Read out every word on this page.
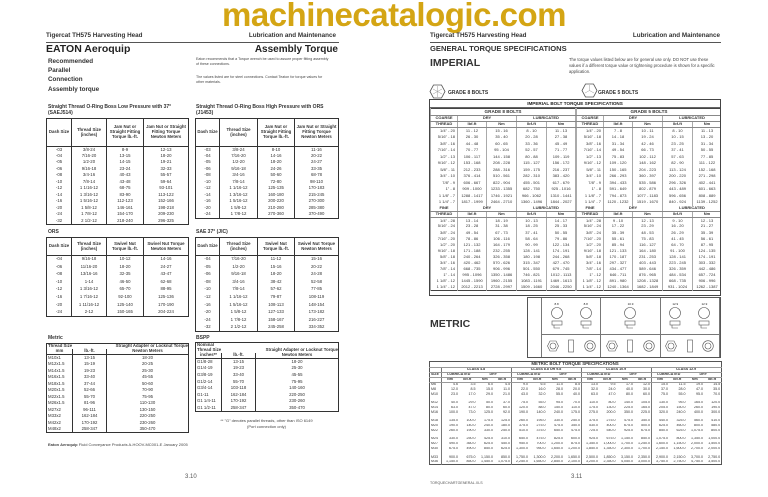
Tigercat TH575 Harvesting Head	Lubrication and Maintenance
EATON Aeroquip	Assembly Torque
Recommended
Parallel
Connection
Assembly torque
Eaton recommends that a Torque wrench be used to assure proper fitting assembly of these connections.
The values listed are for steel connections. Contact Teaton for torque values for other materials.
Straight Thread O-Ring Boss Low Pressure with 37° (SAEJ514)
Dash Size	Thread Size (inches)	Jam Nut or Straight Fitting Torque lb.-ft.	Jam Nut or Straight Fitting Torque Newton Meters
-03	3/8-24	8-9	12-13
-04	7/16-20	13-15	18-20
-05	1/2-20	14-15	19-21
-06	9/16-18	23-24	32-33
-08	3/4-16	40-43	55-57
-10	7/8-14	43-48	59-64
-12	1 1/16-12	68-75	93-101
-14	1 3/16-12	83-90	113-122
-16	1 5/16-12	112-123	152-166
-20	1 5/8-12	146-161	198-218
-24	1 7/8-12	154-170	209-230
-32	2 1/2-12	218-240	296-325
Straight Thread O-Ring Boss High Pressure with ORS (J1453)
Dash Size	Thread Size (inches)	Jam Nut or Straight Fitting Torque lb.-ft.	Jam Nut or Straight Fitting Torque Newton Meters
-03	3/8-24	8-10	11-16
-04	7/16-20	14-16	20-22
-05	1/2-20	18-20	24-27
-06	9/16-18	24-26	33-35
-08	3/4-16	50-60	68-78
-10	7/8-14	72-80	98-110
-12	1 1/16-12	125-135	170-183
-14	1 3/16-12	160-180	215-245
-16	1 5/16-12	200-220	270-300
-20	1 5/8-12	210-280	285-380
-24	1 7/8-12	270-360	370-490
ORS
Dash Size	Thread Size (inches)	Swivel Nut Torque lb.-ft.	Swivel Nut Torque Newton Meters
-04	9/16-18	10-12	14-16
-06	11/16-20	18-20	24-27
-08	13/16-16	32-35	43-47
-10	1-14	46-50	62-68
-12	1 3/16-12	65-70	88-95
-16	1 7/16-12	92-100	125-136
-20	1 11/16-12	125-140	170-190
-24	2-12	150-165	204-224
SAE 37° (JIC)
Dash Size	Thread Size (inches)	Swivel Nut Torque lb.-ft.	Swivel Nut Torque Newton Meters
-04	7/16-20	11-12	15-16
-05	1/2-20	15-16	20-22
-06	9/16-18	18-20	24-28
-08	3/4-16	38-42	52-58
-10	7/8-14	57-62	77-85
-12	1 1/16-12	79-87	108-119
-16	1 5/16-12	108-113	148-154
-20	1 5/8-12	127-133	173-182
-24	1 7/8-12	158-167	216-227
-32	2 1/2-12	245-258	334-352
Metric
Thread Size	Straight Adapter or Locknut Torque	
mm	lb.-ft.	Newton Meters
M10x1	13-15	18-20
M12x1.5	15-19	20-25
M14x1.5	19-23	25-30
M16x1.5	33-40	45-55
M18x1.5	37-44	50-60
M20x1.5	52-66	70-90
M22x1.5	55-70	75-95
M26x1.5	81-96	110-130
M27x2	96-111	130-150
M33x2	162-184	220-250
M42x2	170-192	230-260
M48x2	258-347	350-470
BSPP
Nominal		
Thread Size	Straight Adapter or Locknut Torque	
inches**	lb.-ft.	Newton Meters
G1/8-28	13-15	18-20
G1/4-19	19-23	25-30
G3/8-19	33-40	45-55
G1/2-14	55-70	75-95
G3/4-14	103-118	140-160
G1-11	162-184	220-250
G1 1/4-11	170-192	230-260
G1 1/2-11	258-347	350-470
** "G" denotes parallel threads, other than ISO 6149
(Port connection only)
Eaton Aeroquip Fluid Conveyance Products A-HOOV-MC001-E January 2005
3.10
Tigercat TH575 Harvesting Head	Lubrication and Maintenance
GENERAL TORQUE SPECIFICATIONS
IMPERIAL	The torque values listed below are for general use only. DO NOT use these values if a different torque value or tightening procedure is shown for a specific application.
GRADE 8 BOLTS	GRADE 5 BOLTS
IMPERIAL BOLT TORQUE SPECIFICATIONS
GRADE 8 BOLTS				
COARSE	DRY		LUBRICATED	
THREAD	lbf-ft	Nm	lbf-ft	Nm
1/4" - 20	11 - 12	15 - 16	8 - 10	11 - 13
5/16" - 18	26 - 30	35 - 40	20 - 28	27 - 38
3/8" - 16	44 - 48	60 - 65	33 - 36	45 - 49
7/16" - 14	70 - 77	95 - 104	52 - 57	71 - 77
1/2" - 13	106 - 117	144 - 158	80 - 88	109 - 119
9/16" - 12	153 - 168	208 - 228	115 - 127	156 - 172
5/8" - 11	212 - 233	288 - 316	159 - 175	216 - 237
3/4" - 10	376 - 414	510 - 561	282 - 310	383 - 420
7/8" - 9	606 - 667	822 - 904	455 - 501	617 - 679
1" - 8	909 - 1000	1233 - 1355	682 - 750	925 - 1016
1 1/8" - 7	1288 - 1417	1746 - 1921	966 - 1062	1310 - 1441
1 1/4" - 7	1817 - 1999	2464 - 2710	1360 - 1496	1844 - 2027
FINE	DRY		LUBRICATED	
THREAD	lbf-ft	Nm	lbf-ft	Nm
1/4" - 28	13 - 14	18 - 19	10 - 13	14 - 17
5/16" - 24	23 - 28	31 - 38	18 - 25	25 - 33
3/8" - 24	49 - 54	67 - 73	37 - 41	50 - 55
7/16" - 20	78 - 86	106 - 116	58 - 64	79 - 86
1/2" - 20	121 - 132	164 - 179	90 - 99	122 - 134
9/16" - 18	171 - 188	232 - 255	128 - 141	174 - 191
5/8" - 18	240 - 264	326 - 358	180 - 198	244 - 268
3/4" - 16	420 - 462	570 - 626	315 - 347	427 - 470
7/8" - 14	668 - 735	906 - 996	501 - 550	679 - 745
1" - 14	995 - 1096	1350 - 1486	746 - 821	1012 - 1113
1 1/8" - 12	1445 - 1590	1960 - 2155	1083 - 1191	1469 - 1613
1 1/4" - 12	2012 - 2213	2728 - 2997	1509 - 1660	2046 - 2250
GRADE 5 BOLTS				
COARSE	DRY		LUBRICATED	
THREAD	lbf-ft	Nm	lbf-ft	Nm
1/4" - 20	7 - 8	10 - 11	8 - 10	11 - 13
5/16" - 18	14 - 18	19 - 24	10 - 15	13 - 20
3/8" - 16	31 - 34	42 - 46	23 - 25	31 - 34
7/16" - 14	49 - 54	66 - 73	37 - 41	50 - 55
1/2" - 13	75 - 83	102 - 112	57 - 63	77 - 85
9/16" - 12	109 - 120	148 - 162	82 - 90	111 - 122
5/8" - 11	150 - 165	204 - 223	113 - 124	152 - 168
3/4" - 10	266 - 293	360 - 397	200 - 220	271 - 298
7/8" - 9	394 - 433	535 - 586	296 - 326	402 - 441
1" - 8	591 - 649	802 - 879	443 - 489	601 - 663
1 1/8" - 7	794 - 873	1077 - 1183	596 - 656	808 - 889
1 1/4" - 7	1120 - 1232	1519 - 1670	840 - 924	1139 - 1252
FINE	DRY		LUBRICATED	
THREAD	lbf-ft	Nm	lbf-ft	Nm
1/4" - 28	9 - 10	12 - 13	9 - 10	12 - 13
5/16" - 24	17 - 22	23 - 29	16 - 20	21 - 27
3/8" - 24	35 - 39	48 - 53	26 - 29	35 - 39
7/16" - 20	55 - 61	75 - 83	41 - 45	56 - 61
1/2" - 20	85 - 94	116 - 127	64 - 70	87 - 95
9/16" - 18	121 - 133	164 - 180	91 - 100	124 - 135
5/8" - 18	170 - 187	231 - 253	128 - 141	174 - 191
3/4" - 16	297 - 327	403 - 443	223 - 245	303 - 332
7/8" - 14	434 - 477	589 - 646	326 - 359	442 - 486
1" - 12	646 - 711	876 - 965	484 - 534	657 - 724
1 1/8" - 12	891 - 980	1208 - 1328	668 - 735	906 - 996
1 1/4" - 12	1240 - 1364	1682 - 1849	931 - 1024	1262 - 1387
METRIC
8.8	8.8	10.9	12.9	12.9
METRIC BOLT TORQUE SPECIFICATIONS																
	CLASS 4.8				CLASS 8.8 OR 9.8				CLASS 10.9				CLASS 12.9			
SIZE	LUBRICATED		DRY		LUBRICATED		DRY		LUBRICATED		DRY		LUBRICATED		DRY	
	Nm	lbf-ft	Nm	lbf-ft	Nm	lbf-ft	Nm	lbf-ft	Nm	lbf-ft	Nm	lbf-ft	Nm	lbf-ft	Nm	lbf-ft
M6	4.6	3.5	6.0	4.5	9.0	6.5	11.0	8.5	13.0	9.5	17.0	12.0	15.0	11.5	19.0	14.5
M8	12.0	8.5	15.0	11.0	22.0	16.0	28.0	20.0	32.0	24.0	40.0	30.0	37.0	28.0	47.0	35.0
M10	23.0	17.0	29.0	21.0	43.0	32.0	55.0	40.0	63.0	47.0	80.0	60.0	75.0	55.0	95.0	70.0

M12	40.0	29.0	50.0	37.0	75.0	55.0	95.0	70.0	110.0	80.0	140.0	105.0	130.0	95.0	165.0	120.0
M14	63.0	47.0	80.0	60.0	120.0	88.0	150.0	110.0	175.0	130.0	225.0	165.0	205.0	150.0	260.0	190.0
M16	100.0	73.0	125.0	92.0	190.0	140.0	240.0	175.0	275.0	200.0	350.0	225.0	320.0	240.0	400.0	300.0

M18	135.0	100.0	175.0	125.0	260.0	195.0	330.0	250.0	375.0	275.0	475.0	350.0	440.0	325.0	560.0	410.0
M20	190.0	140.0	240.0	180.0	375.0	275.0	475.0	350.0	530.0	400.0	675.0	500.0	625.0	460.0	800.0	580.0
M22	260.0	190.0	330.0	250.0	510.0	375.0	650.0	475.0	725.0	540.0	925.0	675.0	850.0	625.0	1,075.0	800.0

M24	330.0	250.0	425.0	310.0	650.0	475.0	825.0	600.0	925.0	675.0	1,150.0	850.0	1,075.0	800.0	1,350.0	1,000.0
M27	490.0	360.0	625.0	450.0	950.0	700.0	1,200.0	875.0	1,350.0	1,000.0	1,700.0	1,250.0	1,600.0	1,150.0	2,000.0	1,500.0
M30	675.0	490.0	850.0	625.0	1,300.0	950.0	1,650.0	1,200.0	1,850.0	1,350.0	2,300.0	1,700.0	2,150.0	1,600.0	2,700.0	2,000.0

M33	900.0	675.0	1,150.0	850.0	1,750.0	1,300.0	2,200.0	1,650.0	2,500.0	1,850.0	3,150.0	2,350.0	2,900.0	2,150.0	3,700.0	2,750.0
M36	1,150.0	850.0	1,450.0	1,075.0	2,250.0	1,650.0	2,850.0	2,100.0	3,200.0	2,350.0	4,050.0	3,000.0	3,750.0	2,750.0	4,750.0	3,500.0
TORQUECHARTGENERAL.XLS
3.11
machinecatalogic.com
